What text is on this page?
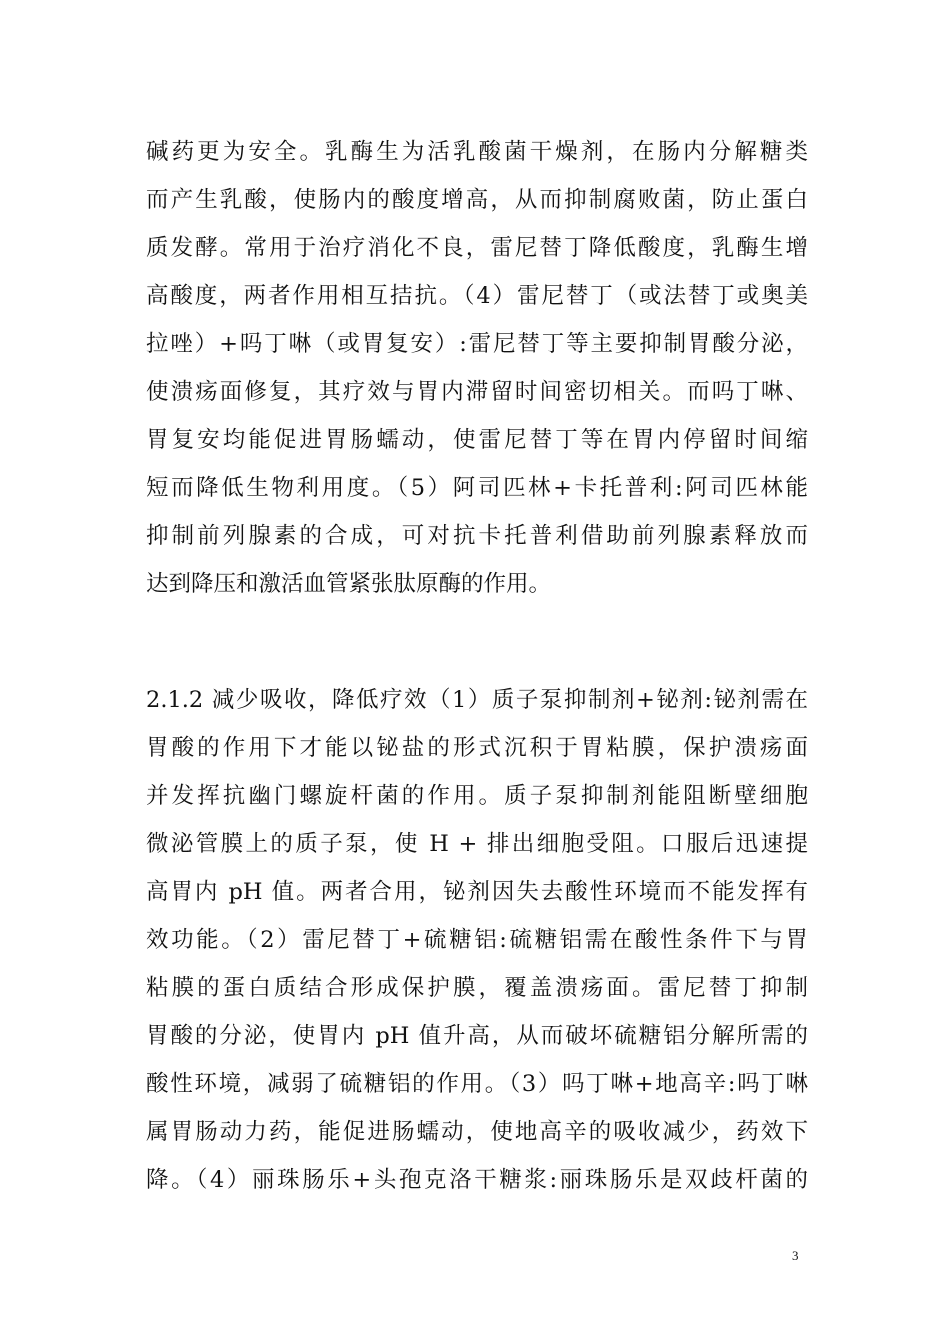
碱药更为安全。乳酶生为活乳酸菌干燥剂，在肠内分解糖类
而产生乳酸，使肠内的酸度增高，从而抑制腐败菌，防止蛋白
质发酵。常用于治疗消化不良，雷尼替丁降低酸度，乳酶生增
高酸度，两者作用相互拮抗。（4）雷尼替丁（或法替丁或奥美
拉唑）+吗丁啉（或胃复安）:雷尼替丁等主要抑制胃酸分泌，
使溃疡面修复，其疗效与胃内滞留时间密切相关。而吗丁啉、
胃复安均能促进胃肠蠕动，使雷尼替丁等在胃内停留时间缩
短而降低生物利用度。（5）阿司匹林+卡托普利:阿司匹林能
抑制前列腺素的合成，可对抗卡托普利借助前列腺素释放而
达到降压和激活血管紧张肽原酶的作用。
2.1.2 减少吸收，降低疗效（1）质子泵抑制剂+铋剂:铋剂需在
胃酸的作用下才能以铋盐的形式沉积于胃粘膜，保护溃疡面
并发挥抗幽门螺旋杆菌的作用。质子泵抑制剂能阻断壁细胞
微泌管膜上的质子泵，使 H + 排出细胞受阻。口服后迅速提
高胃内 pH 值。两者合用，铋剂因失去酸性环境而不能发挥有
效功能。（2）雷尼替丁+硫糖铝:硫糖铝需在酸性条件下与胃
粘膜的蛋白质结合形成保护膜，覆盖溃疡面。雷尼替丁抑制
胃酸的分泌，使胃内 pH 值升高，从而破坏硫糖铝分解所需的
酸性环境，减弱了硫糖铝的作用。（3）吗丁啉+地高辛:吗丁啉
属胃肠动力药，能促进肠蠕动，使地高辛的吸收减少，药效下
降。（4）丽珠肠乐+头孢克洛干糖浆:丽珠肠乐是双歧杆菌的
3
